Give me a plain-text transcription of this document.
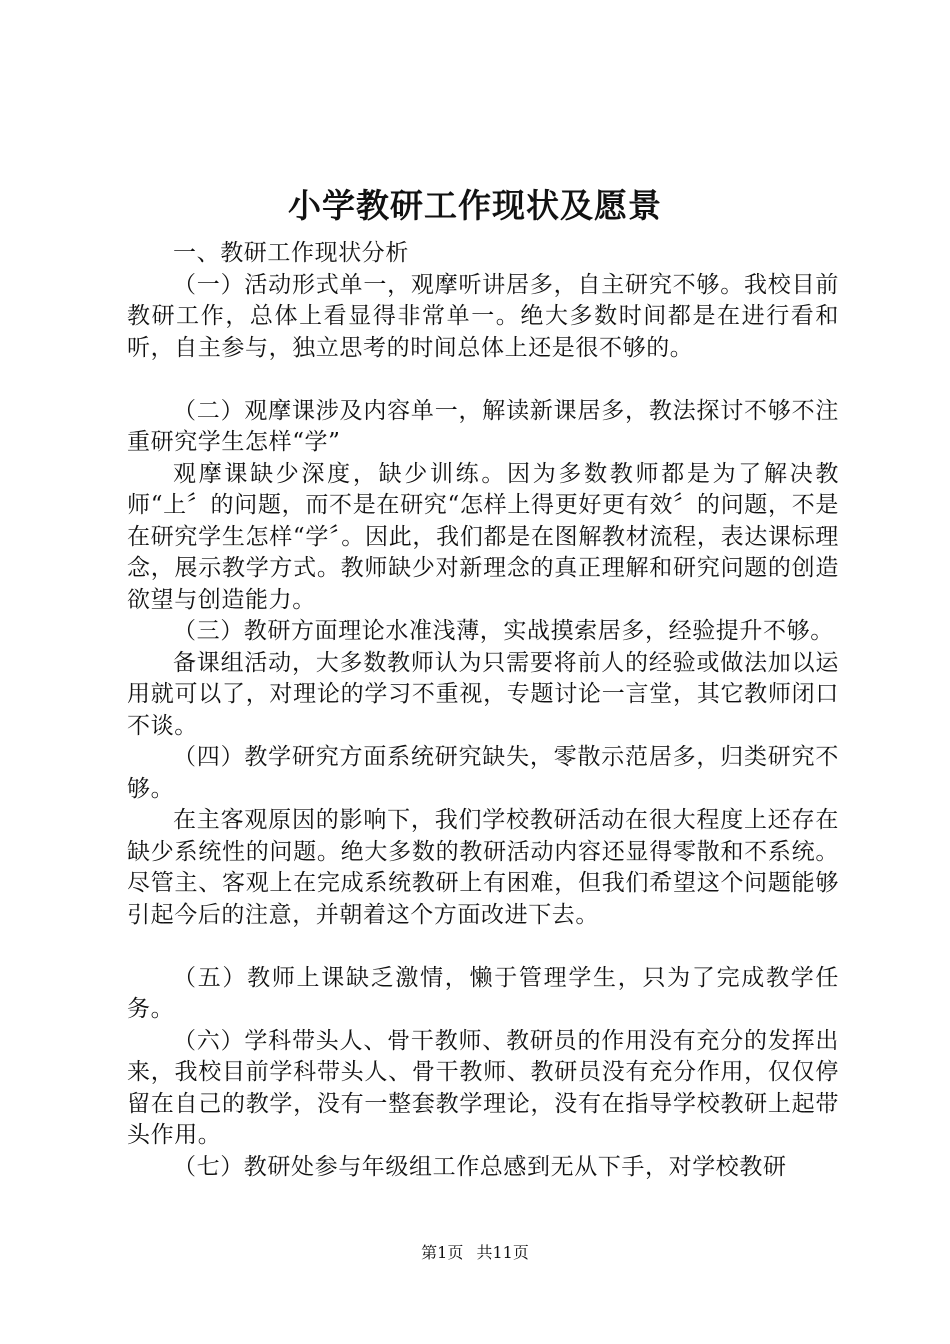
小学教研工作现状及愿景

一、教研工作现状分析

（一）活动形式单一，观摩听讲居多，自主研究不够。我校目前教研工作，总体上看显得非常单一。绝大多数时间都是在进行看和听，自主参与，独立思考的时间总体上还是很不够的。

（二）观摩课涉及内容单一，解读新课居多，教法探讨不够不注重研究学生怎样“学”

观摩课缺少深度，缺少训练。因为多数教师都是为了解决教师“上〞的问题，而不是在研究“怎样上得更好更有效〞的问题，不是在研究学生怎样“学〞。因此，我们都是在图解教材流程，表达课标理念，展示教学方式。教师缺少对新理念的真正理解和研究问题的创造欲望与创造能力。

（三）教研方面理论水准浅薄，实战摸索居多，经验提升不够。

备课组活动，大多数教师认为只需要将前人的经验或做法加以运用就可以了，对理论的学习不重视，专题讨论一言堂，其它教师闭口不谈。

（四）教学研究方面系统研究缺失，零散示范居多，归类研究不够。

在主客观原因的影响下，我们学校教研活动在很大程度上还存在缺少系统性的问题。绝大多数的教研活动内容还显得零散和不系统。尽管主、客观上在完成系统教研上有困难，但我们希望这个问题能够引起今后的注意，并朝着这个方面改进下去。

（五）教师上课缺乏激情，懒于管理学生，只为了完成教学任务。

（六）学科带头人、骨干教师、教研员的作用没有充分的发挥出来，我校目前学科带头人、骨干教师、教研员没有充分作用，仅仅停留在自己的教学，没有一整套教学理论，没有在指导学校教研上起带头作用。

（七）教研处参与年级组工作总感到无从下手，对学校教研

第1页 共11页
